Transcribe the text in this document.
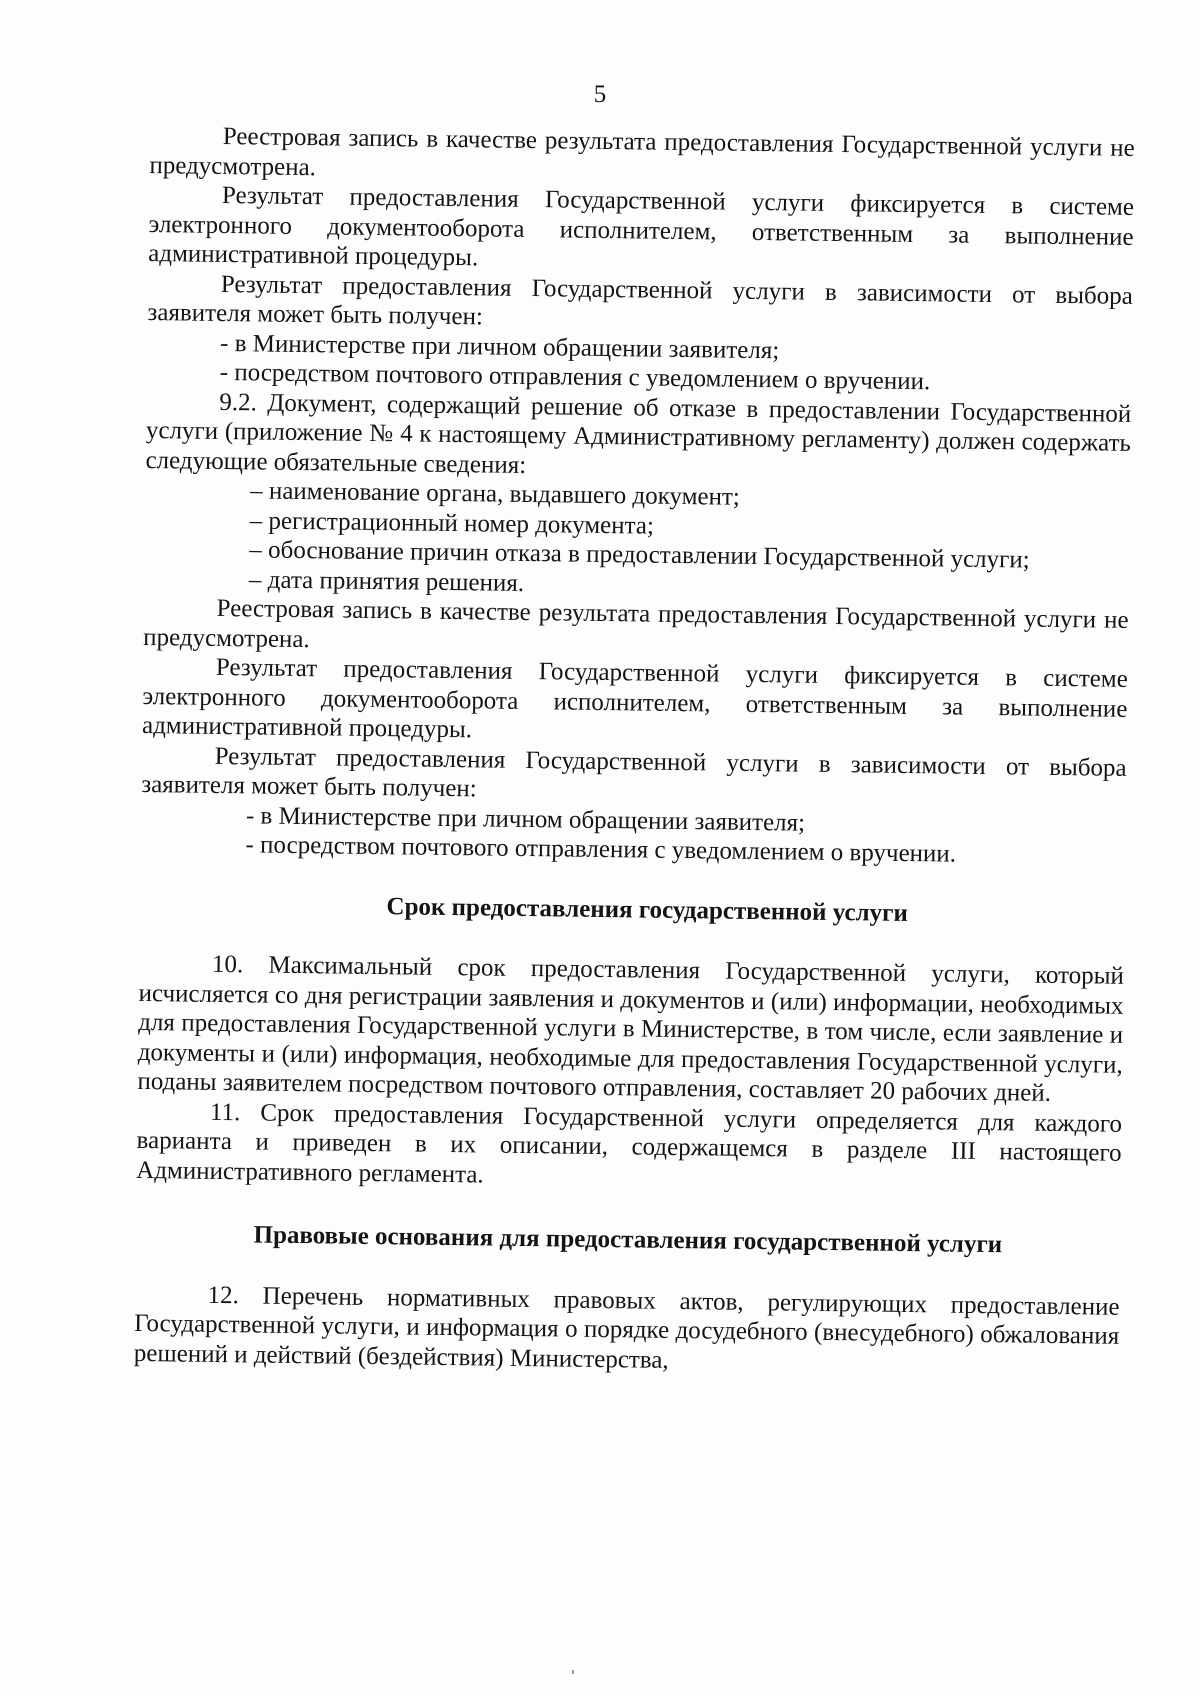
5

Реестровая запись в качестве результата предоставления Государственной услуги не предусмотрена.

Результат предоставления Государственной услуги фиксируется в системе электронного документооборота исполнителем, ответственным за выполнение административной процедуры.

Результат предоставления Государственной услуги в зависимости от выбора заявителя может быть получен:

- в Министерстве при личном обращении заявителя;

- посредством почтового отправления с уведомлением о вручении.

9.2. Документ, содержащий решение об отказе в предоставлении Государственной услуги (приложение № 4 к настоящему Административному регламенту) должен содержать следующие обязательные сведения:

– наименование органа, выдавшего документ;

– регистрационный номер документа;

– обоснование причин отказа в предоставлении Государственной услуги;

– дата принятия решения.

Реестровая запись в качестве результата предоставления Государственной услуги не предусмотрена.

Результат предоставления Государственной услуги фиксируется в системе электронного документооборота исполнителем, ответственным за выполнение административной процедуры.

Результат предоставления Государственной услуги в зависимости от выбора заявителя может быть получен:

- в Министерстве при личном обращении заявителя;

- посредством почтового отправления с уведомлением о вручении.

Срок предоставления государственной услуги

10. Максимальный срок предоставления Государственной услуги, который исчисляется со дня регистрации заявления и документов и (или) информации, необходимых для предоставления Государственной услуги в Министерстве, в том числе, если заявление и документы и (или) информация, необходимые для предоставления Государственной услуги, поданы заявителем посредством почтового отправления, составляет 20 рабочих дней.

11. Срок предоставления Государственной услуги определяется для каждого варианта и приведен в их описании, содержащемся в разделе III настоящего Административного регламента.

Правовые основания для предоставления государственной услуги

12. Перечень нормативных правовых актов, регулирующих предоставление Государственной услуги, и информация о порядке досудебного (внесудебного) обжалования решений и действий (бездействия) Министерства,
